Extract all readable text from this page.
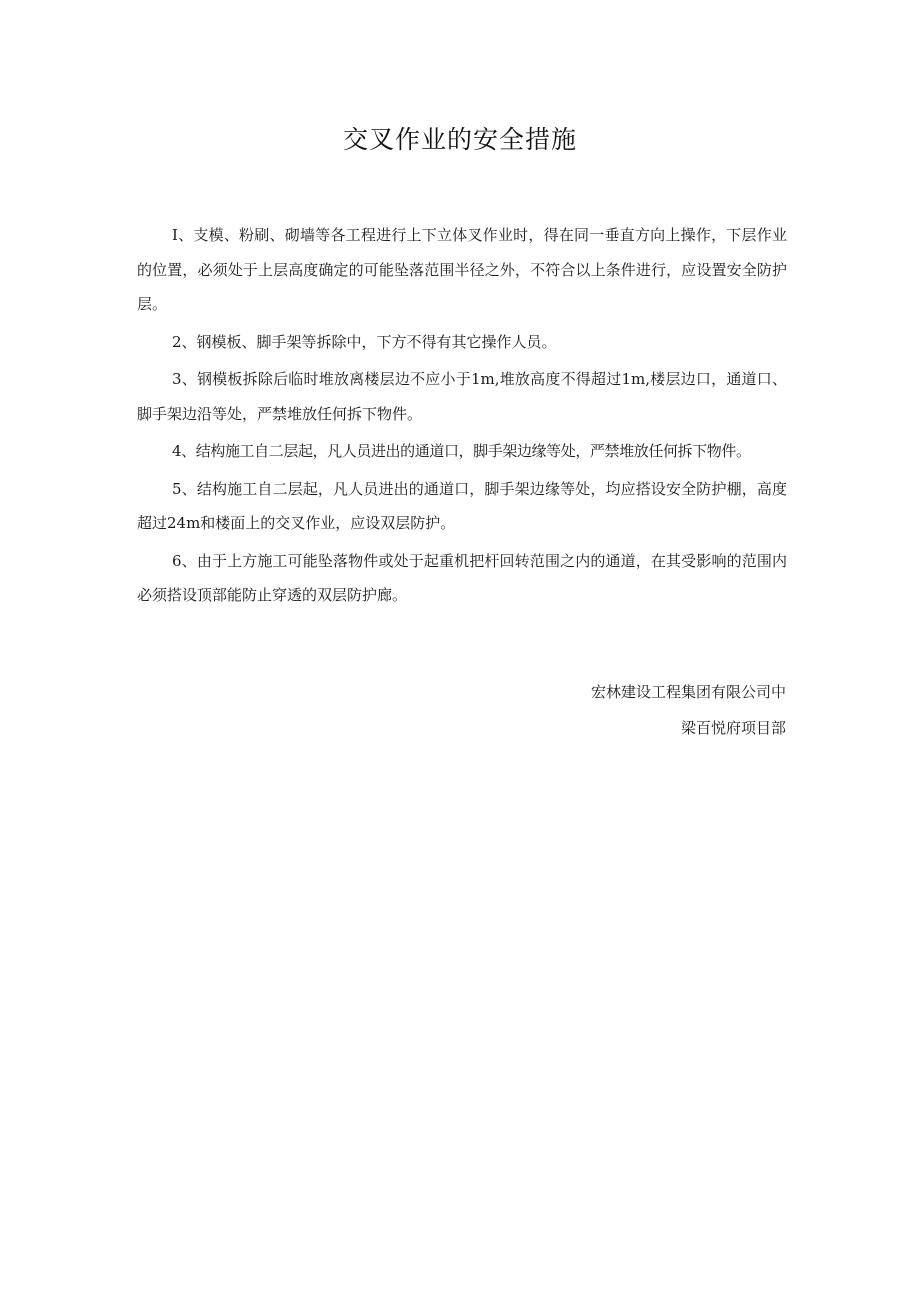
交叉作业的安全措施

I、支模、粉刷、砌墙等各工程进行上下立体叉作业时，得在同一垂直方向上操作，下层作业的位置，必须处于上层高度确定的可能坠落范围半径之外，不符合以上条件进行，应设置安全防护层。

2、钢模板、脚手架等拆除中，下方不得有其它操作人员。

3、钢模板拆除后临时堆放离楼层边不应小于1m,堆放高度不得超过1m,楼层边口，通道口、脚手架边沿等处，严禁堆放任何拆下物件。

4、结构施工自二层起，凡人员进出的通道口，脚手架边缘等处，严禁堆放任何拆下物件。

5、结构施工自二层起，凡人员进出的通道口，脚手架边缘等处，均应搭设安全防护棚，高度超过24m和楼面上的交叉作业，应设双层防护。

6、由于上方施工可能坠落物件或处于起重机把杆回转范围之内的通道，在其受影响的范围内必须搭设顶部能防止穿透的双层防护廊。

宏林建设工程集团有限公司中
梁百悦府项目部
